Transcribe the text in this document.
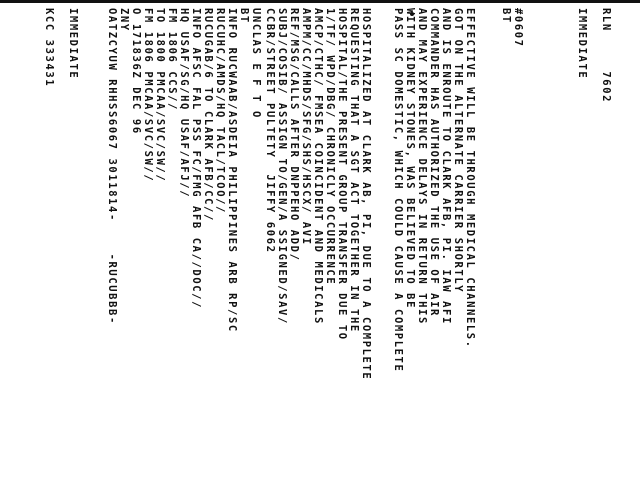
KCC 333431 IMMEDIATE	OATZCYUW RHHSS6067 3011814-    -RUCUBBB- ZNY O 171836Z DEC 96 FM 1806 PMCAA/SVC/SW// TO 1800 PMCAA/SVC/SW// FM 1806 CCS// HQ USAF/SG/HQ USAF/AFJ// INFO AFSC FAL PSS FC/FMG AFB CA//DOC// RUCUGAB/6 TO CLARK AFB/CC// RUCUHC/AMDS/HQ TACL/TCOO// INFO RUCWAAB/ASDEIA PHILIPPINES ARB RP/SC BT UNCLAS E F T O CCBR/STREET PULTETY  JIFFY 6062 SUBJ/COSIB/ ASSIGN TO/GEN/A SSIGNED/SAV/ REF/MSG/CALLS AFTER DNPPEHO ADD/ AMPM/CC/MHDS/SFG/SHS/HSCX/ AVI AMCP/CTHC/ FMSEA COINCIDENT AND MEDICALS 1/TF/ WPD/DBG/ CHRONICLY OCCURRENCE HOSPITAL/THE PRESENT GROUP TRANSFER DUE TO REQUESTING THAT A SGT ACT TOGETHER IN THE HOSPITALIZED AT CLARK AB, PI, DUE TO A COMPLETE PASS SC DOMESTIC, WHICH COULD CAUSE A COMPLETE WITH KIDNEY STONES, WAS BELIEVED TO BE AND MAY EXPERIENCE DELAYS IN RETURN THIS COMMANDER HAS AUTHORIZED THE USE OF AIR AND IS ENROUTE TO CLARK AFB, PI. IAW AFI GOT ON THE ALTERNATE CARRIER SHORTLY EFFECTIVE WILL BE THROUGH MEDICAL CHANNELS. BT #0607	IMMEDIATE RLN     7602
